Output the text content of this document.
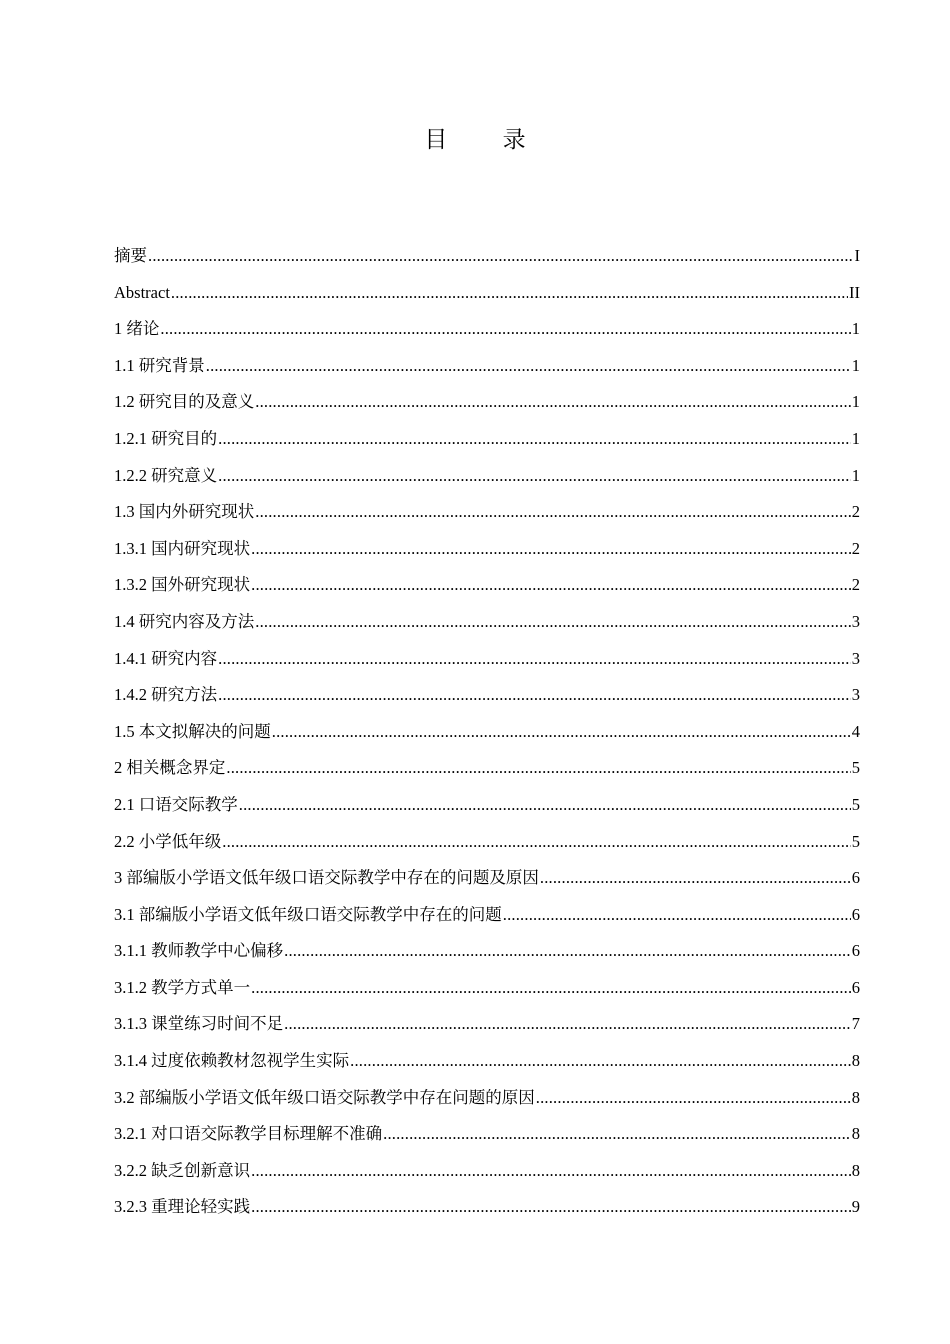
目 录
摘要 .....	I
Abstract .....	II
1 绪论 .....	1
1.1 研究背景 .....	1
1.2 研究目的及意义 .....	1
1.2.1 研究目的 .....	1
1.2.2 研究意义 .....	1
1.3 国内外研究现状 .....	2
1.3.1 国内研究现状 .....	2
1.3.2 国外研究现状 .....	2
1.4 研究内容及方法 .....	3
1.4.1 研究内容 .....	3
1.4.2 研究方法 .....	3
1.5 本文拟解决的问题 .....	4
2 相关概念界定 .....	5
2.1 口语交际教学 .....	5
2.2 小学低年级 .....	5
3 部编版小学语文低年级口语交际教学中存在的问题及原因 .....	6
3.1 部编版小学语文低年级口语交际教学中存在的问题 .....	6
3.1.1 教师教学中心偏移 .....	6
3.1.2 教学方式单一 .....	6
3.1.3 课堂练习时间不足 .....	7
3.1.4 过度依赖教材忽视学生实际 .....	8
3.2 部编版小学语文低年级口语交际教学中存在问题的原因 .....	8
3.2.1 对口语交际教学目标理解不准确 .....	8
3.2.2 缺乏创新意识 .....	8
3.2.3 重理论轻实践 .....	9
